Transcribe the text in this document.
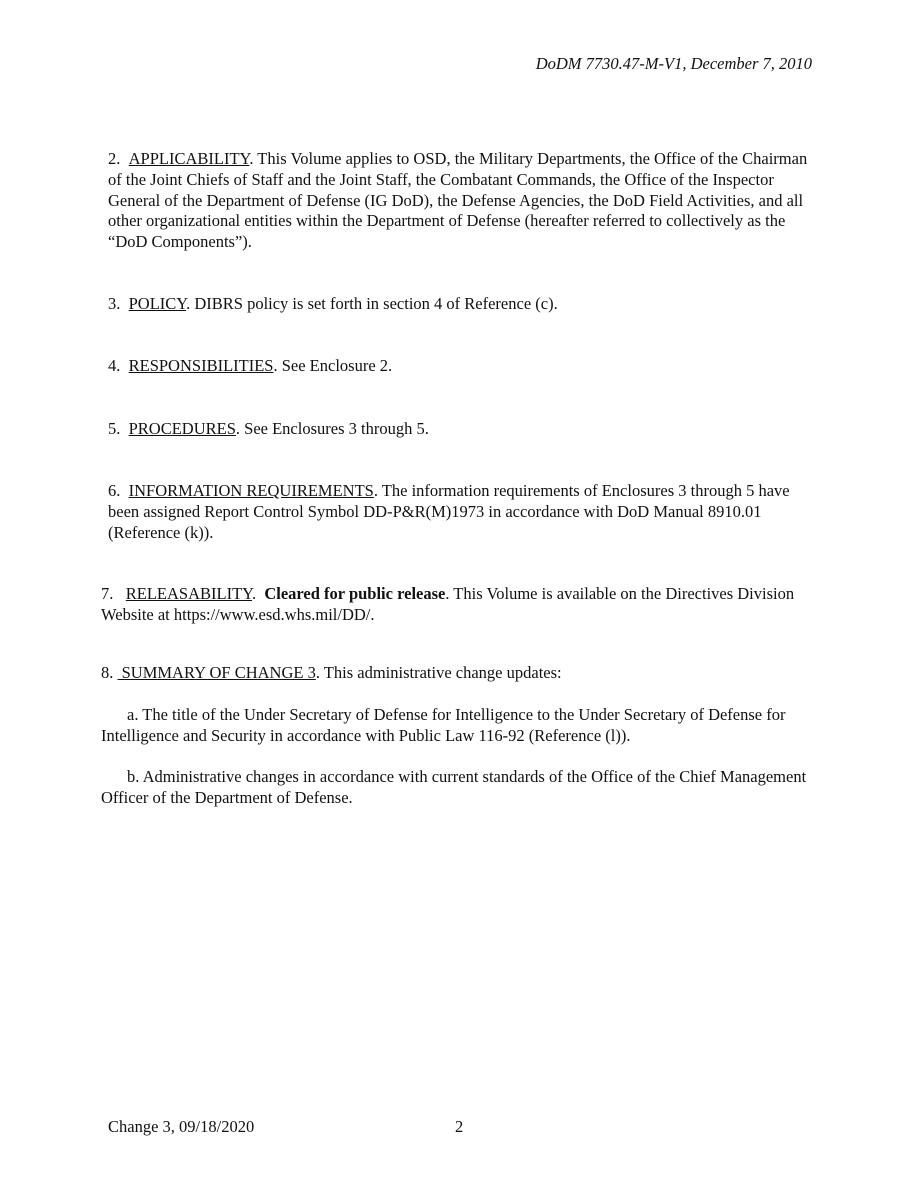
DoDM 7730.47-M-V1, December 7, 2010

2. APPLICABILITY. This Volume applies to OSD, the Military Departments, the Office of the Chairman of the Joint Chiefs of Staff and the Joint Staff, the Combatant Commands, the Office of the Inspector General of the Department of Defense (IG DoD), the Defense Agencies, the DoD Field Activities, and all other organizational entities within the Department of Defense (hereafter referred to collectively as the “DoD Components”).

3. POLICY. DIBRS policy is set forth in section 4 of Reference (c).

4. RESPONSIBILITIES. See Enclosure 2.

5. PROCEDURES. See Enclosures 3 through 5.

6. INFORMATION REQUIREMENTS. The information requirements of Enclosures 3 through 5 have been assigned Report Control Symbol DD-P&R(M)1973 in accordance with DoD Manual 8910.01 (Reference (k)).

7. RELEASABILITY.  Cleared for public release. This Volume is available on the Directives Division Website at https://www.esd.whs.mil/DD/.

8.  SUMMARY OF CHANGE 3. This administrative change updates:

a. The title of the Under Secretary of Defense for Intelligence to the Under Secretary of Defense for Intelligence and Security in accordance with Public Law 116-92 (Reference (l)).

b. Administrative changes in accordance with current standards of the Office of the Chief Management Officer of the Department of Defense.

Change 3, 09/18/2020	2
